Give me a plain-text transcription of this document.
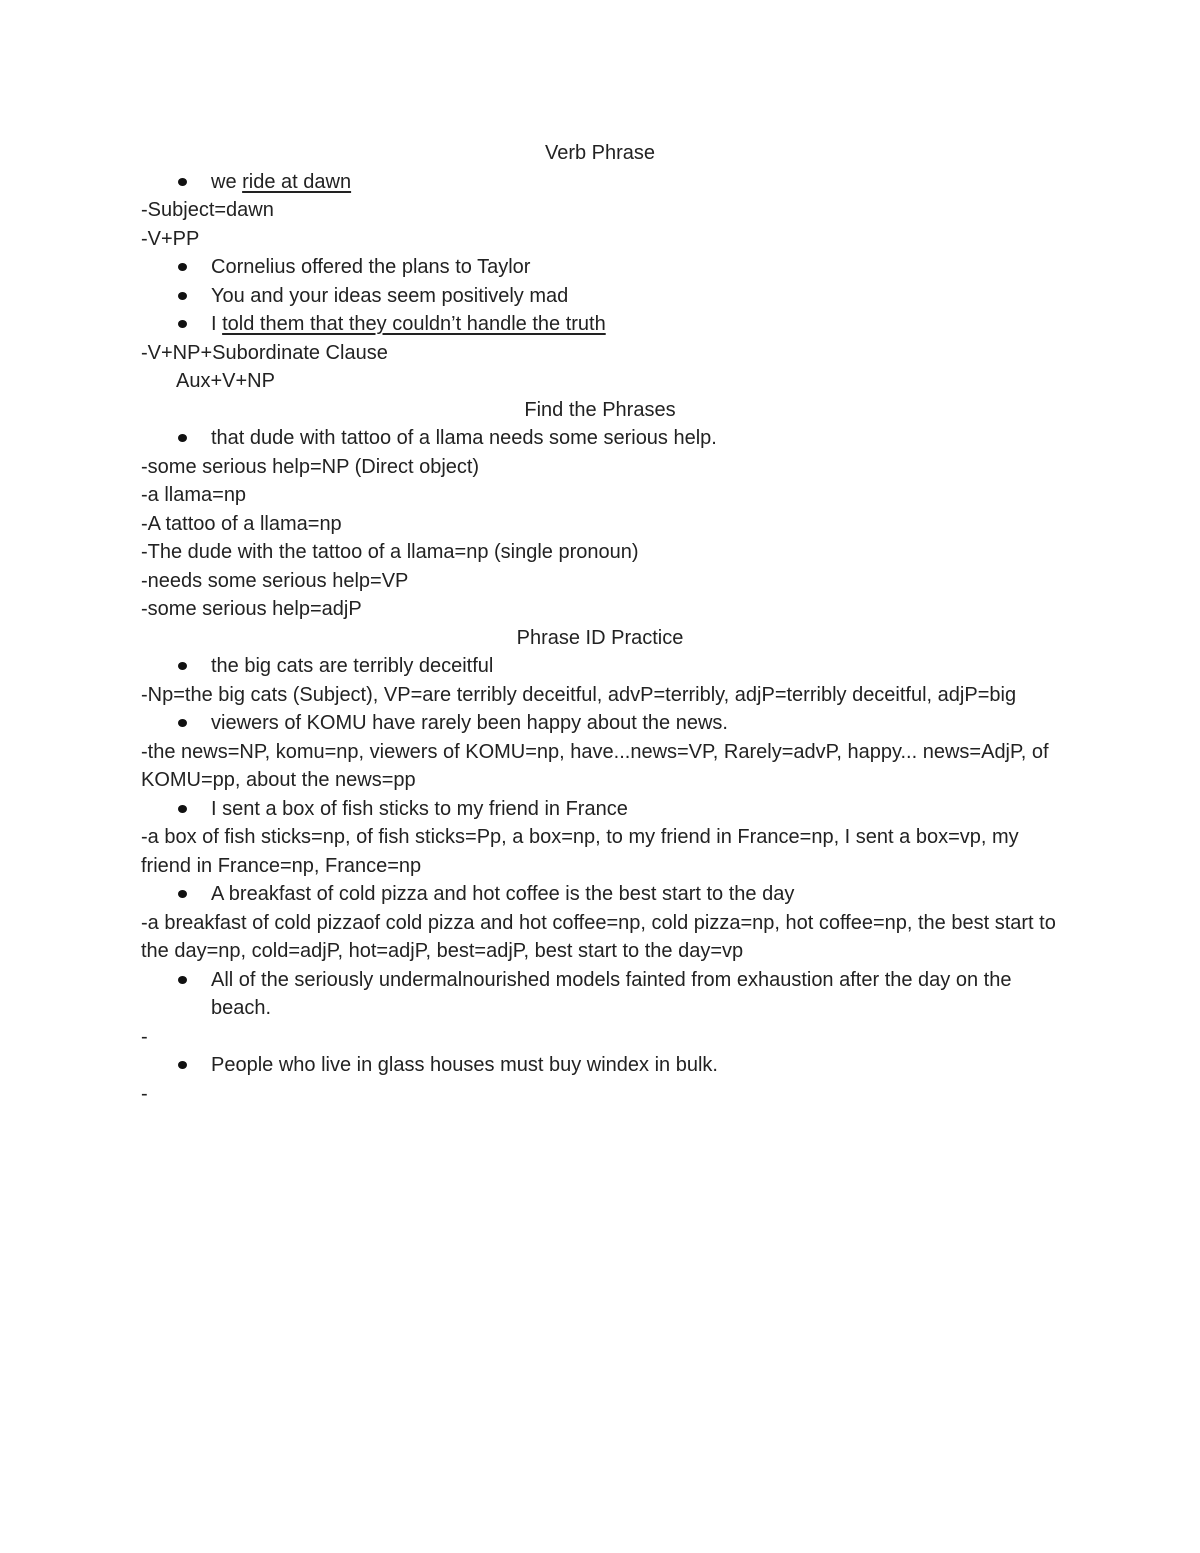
Verb Phrase

we ride at dawn

-Subject=dawn

-V+PP

Cornelius offered the plans to Taylor

You and your ideas seem positively mad

I told them that they couldn’t handle the truth

-V+NP+Subordinate Clause

Aux+V+NP

Find the Phrases

that dude with tattoo of a llama needs some serious help.

-some serious help=NP (Direct object)

-a llama=np

-A tattoo of a llama=np

-The dude with the tattoo of a llama=np (single pronoun)

-needs some serious help=VP

-some serious help=adjP

Phrase ID Practice

the big cats are terribly deceitful

-Np=the big cats (Subject), VP=are terribly deceitful, advP=terribly, adjP=terribly deceitful, adjP=big

viewers of KOMU have rarely been happy about the news.

-the news=NP, komu=np, viewers of KOMU=np, have...news=VP, Rarely=advP, happy... news=AdjP, of KOMU=pp, about the news=pp

I sent a box of fish sticks to my friend in France

-a box of fish sticks=np, of fish sticks=Pp, a box=np, to my friend in France=np, I sent a box=vp, my friend in France=np, France=np

A breakfast of cold pizza and hot coffee is the best start to the day

-a breakfast of cold pizzaof cold pizza and hot coffee=np, cold pizza=np, hot coffee=np, the best start to the day=np, cold=adjP, hot=adjP, best=adjP, best start to the day=vp

All of the seriously undermalnourished models fainted from exhaustion after the day on the beach.

-

People who live in glass houses must buy windex in bulk.

-
